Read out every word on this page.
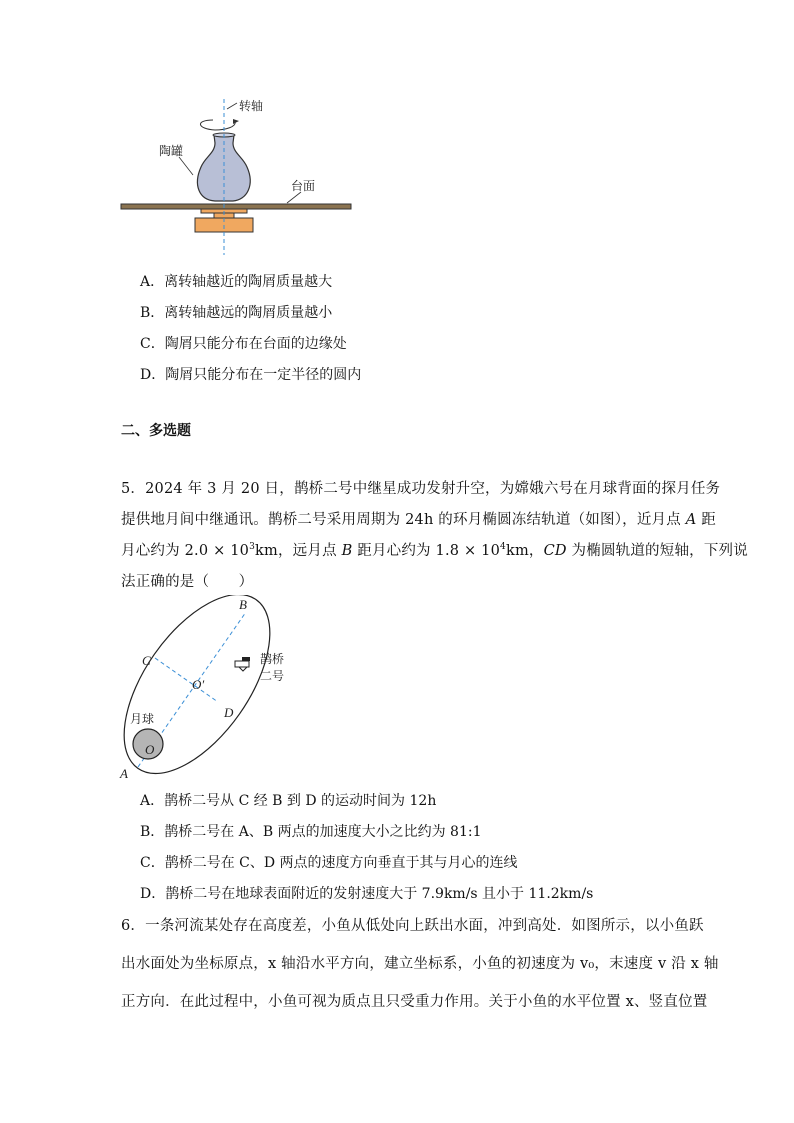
转轴
陶罐
台面
A．离转轴越近的陶屑质量越大
B．离转轴越远的陶屑质量越小
C．陶屑只能分布在台面的边缘处
D．陶屑只能分布在一定半径的圆内
二、多选题
5．2024 年 3 月 20 日，鹊桥二号中继星成功发射升空，为嫦娥六号在月球背面的探月任务
提供地月间中继通讯。鹊桥二号采用周期为 24h 的环月椭圆冻结轨道（如图），近月点 A 距
月心约为 $2.0 \times 10^3km$，远月点 B 距月心约为 $1.8 \times 10^4km$，CD 为椭圆轨道的短轴，下列说
法正确的是（　　）
B
C
D
A
O′
O
月球
鹊桥
二号
A．鹊桥二号从 C 经 B 到 D 的运动时间为 12h
B．鹊桥二号在 A、B 两点的加速度大小之比约为 81:1
C．鹊桥二号在 C、D 两点的速度方向垂直于其与月心的连线
D．鹊桥二号在地球表面附近的发射速度大于 7.9km/s 且小于 11.2km/s
6．一条河流某处存在高度差，小鱼从低处向上跃出水面，冲到高处．如图所示，以小鱼跃
出水面处为坐标原点，x 轴沿水平方向，建立坐标系，小鱼的初速度为 v₀，末速度 v 沿 x 轴
正方向．在此过程中，小鱼可视为质点且只受重力作用。关于小鱼的水平位置 x、竖直位置
